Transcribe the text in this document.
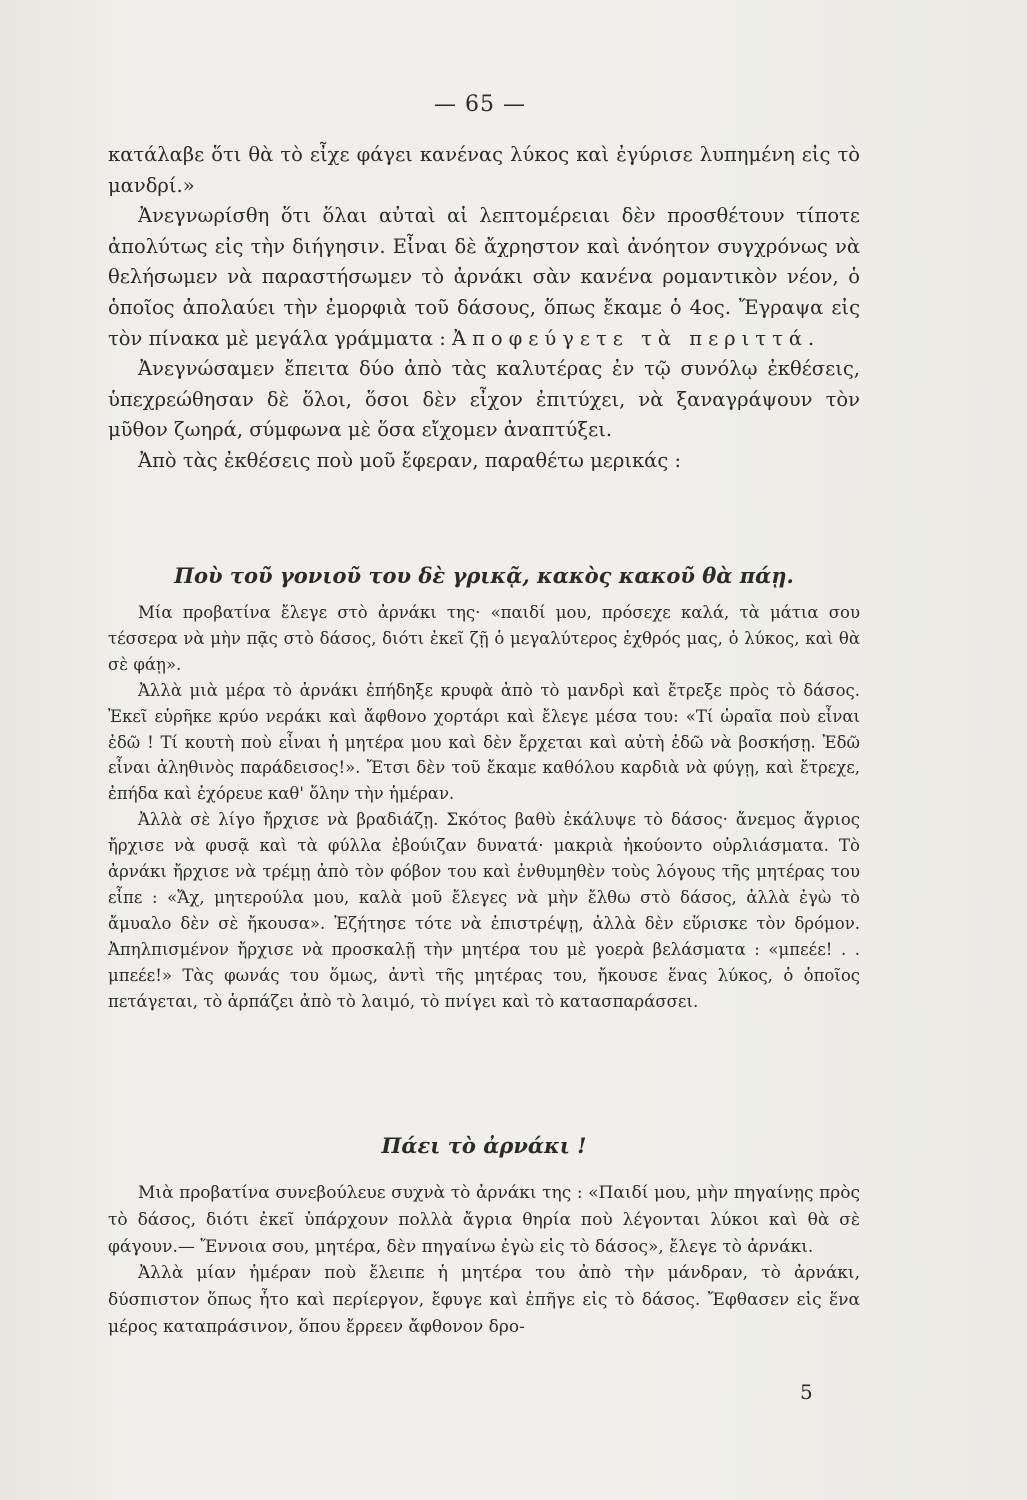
— 65 —

κατάλαβε ὅτι θὰ τὸ εἶχε φάγει κανένας λύκος καὶ ἐγύρισε λυπημένη εἰς τὸ μανδρί.»

Ἀνεγνωρίσθη ὅτι ὅλαι αὐταὶ αἱ λεπτομέρειαι δὲν προσθέτουν τίποτε ἀπολύτως εἰς τὴν διήγησιν. Εἶναι δὲ ἄχρηστον καὶ ἀνόητον συγχρόνως νὰ θελήσωμεν νὰ παραστήσωμεν τὸ ἀρνάκι σὰν κανένα ρομαντικὸν νέον, ὁ ὁποῖος ἀπολαύει τὴν ἐμορφιὰ τοῦ δάσους, ὅπως ἔκαμε ὁ 4ος. Ἔγραψα εἰς τὸν πίνακα μὲ μεγάλα γράμματα : Ἀποφεύγετε τὰ περιττά.

Ἀνεγνώσαμεν ἔπειτα δύο ἀπὸ τὰς καλυτέρας ἐν τῷ συνόλῳ ἐκθέσεις, ὑπεχρεώθησαν δὲ ὅλοι, ὅσοι δὲν εἶχον ἐπιτύχει, νὰ ξαναγράψουν τὸν μῦθον ζωηρά, σύμφωνα μὲ ὅσα εἴχομεν ἀναπτύξει.

Ἀπὸ τὰς ἐκθέσεις ποὺ μοῦ ἔφεραν, παραθέτω μερικάς :

Ποὺ τοῦ γονιοῦ του δὲ γρικᾷ, κακὸς κακοῦ θὰ πάῃ.

Μία προβατίνα ἔλεγε στὸ ἀρνάκι της· «παιδί μου, πρόσεχε καλά, τὰ μάτια σου τέσσερα νὰ μὴν πᾷς στὸ δάσος, διότι ἐκεῖ ζῇ ὁ μεγαλύτερος ἐχθρός μας, ὁ λύκος, καὶ θὰ σὲ φάῃ».

Ἀλλὰ μιὰ μέρα τὸ ἀρνάκι ἐπήδηξε κρυφὰ ἀπὸ τὸ μανδρὶ καὶ ἔτρεξε πρὸς τὸ δάσος. Ἐκεῖ εὑρῆκε κρύο νεράκι καὶ ἄφθονο χορτάρι καὶ ἔλεγε μέσα του: «Τί ὡραῖα ποὺ εἶναι ἐδῶ ! Τί κουτὴ ποὺ εἶναι ἡ μητέρα μου καὶ δὲν ἔρχεται καὶ αὐτὴ ἐδῶ νὰ βοσκήσῃ. Ἐδῶ εἶναι ἀληθινὸς παράδεισος!». Ἔτσι δὲν τοῦ ἔκαμε καθόλου καρδιὰ νὰ φύγῃ, καὶ ἔτρεχε, ἐπήδα καὶ ἐχόρευε καθ' ὅλην τὴν ἡμέραν.

Ἀλλὰ σὲ λίγο ἤρχισε νὰ βραδιάζῃ. Σκότος βαθὺ ἐκάλυψε τὸ δάσος· ἄνεμος ἄγριος ἤρχισε νὰ φυσᾷ καὶ τὰ φύλλα ἐβούιζαν δυνατά· μακριὰ ἠκούοντο οὐρλιάσματα. Τὸ ἀρνάκι ἤρχισε νὰ τρέμῃ ἀπὸ τὸν φόβον του καὶ ἐνθυμηθὲν τοὺς λόγους τῆς μητέρας του εἶπε : «Ἄχ, μητερούλα μου, καλὰ μοῦ ἔλεγες νὰ μὴν ἔλθω στὸ δάσος, ἀλλὰ ἐγὼ τὸ ἄμυαλο δὲν σὲ ἤκουσα». Ἐζήτησε τότε νὰ ἐπιστρέψῃ, ἀλλὰ δὲν εὕρισκε τὸν δρόμον. Ἀπηλπισμένον ἤρχισε νὰ προσκαλῇ τὴν μητέρα του μὲ γοερὰ βελάσματα : «μπεέε! . . μπεέε!» Τὰς φωνάς του ὅμως, ἀντὶ τῆς μητέρας του, ἤκουσε ἕνας λύκος, ὁ ὁποῖος πετάγεται, τὸ ἁρπάζει ἀπὸ τὸ λαιμό, τὸ πνίγει καὶ τὸ κατασπαράσσει.

Πάει τὸ ἀρνάκι !

Μιὰ προβατίνα συνεβούλευε συχνὰ τὸ ἀρνάκι της : «Παιδί μου, μὴν πηγαίνῃς πρὸς τὸ δάσος, διότι ἐκεῖ ὑπάρχουν πολλὰ ἄγρια θηρία ποὺ λέγονται λύκοι καὶ θὰ σὲ φάγουν.— Ἔννοια σου, μητέρα, δὲν πηγαίνω ἐγὼ εἰς τὸ δάσος», ἔλεγε τὸ ἀρνάκι.

Ἀλλὰ μίαν ἡμέραν ποὺ ἔλειπε ἡ μητέρα του ἀπὸ τὴν μάνδραν, τὸ ἀρνάκι, δύσπιστον ὅπως ἦτο καὶ περίεργον, ἔφυγε καὶ ἐπῆγε εἰς τὸ δάσος. Ἔφθασεν εἰς ἕνα μέρος καταπράσινον, ὅπου ἔρρεεν ἄφθονον δρο-

5
